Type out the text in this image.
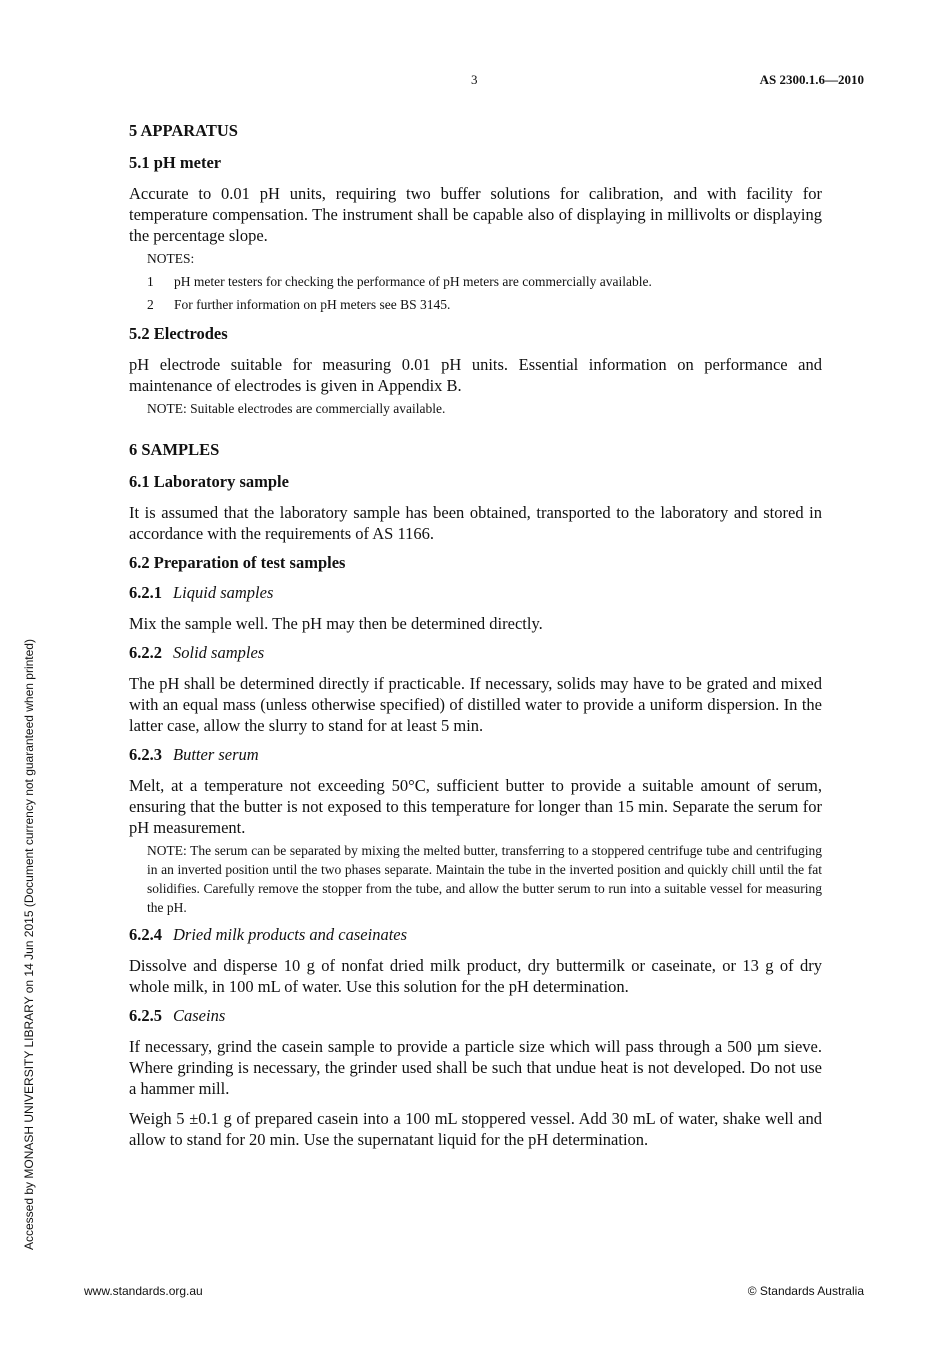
3	AS 2300.1.6—2010
5 APPARATUS
5.1 pH meter
Accurate to 0.01 pH units, requiring two buffer solutions for calibration, and with facility for temperature compensation. The instrument shall be capable also of displaying in millivolts or displaying the percentage slope.
NOTES:
1	pH meter testers for checking the performance of pH meters are commercially available.
2	For further information on pH meters see BS 3145.
5.2 Electrodes
pH electrode suitable for measuring 0.01 pH units. Essential information on performance and maintenance of electrodes is given in Appendix B.
NOTE: Suitable electrodes are commercially available.
6 SAMPLES
6.1 Laboratory sample
It is assumed that the laboratory sample has been obtained, transported to the laboratory and stored in accordance with the requirements of AS 1166.
6.2 Preparation of test samples
6.2.1 Liquid samples
Mix the sample well. The pH may then be determined directly.
6.2.2 Solid samples
The pH shall be determined directly if practicable. If necessary, solids may have to be grated and mixed with an equal mass (unless otherwise specified) of distilled water to provide a uniform dispersion. In the latter case, allow the slurry to stand for at least 5 min.
6.2.3 Butter serum
Melt, at a temperature not exceeding 50°C, sufficient butter to provide a suitable amount of serum, ensuring that the butter is not exposed to this temperature for longer than 15 min. Separate the serum for pH measurement.
NOTE: The serum can be separated by mixing the melted butter, transferring to a stoppered centrifuge tube and centrifuging in an inverted position until the two phases separate. Maintain the tube in the inverted position and quickly chill until the fat solidifies. Carefully remove the stopper from the tube, and allow the butter serum to run into a suitable vessel for measuring the pH.
6.2.4 Dried milk products and caseinates
Dissolve and disperse 10 g of nonfat dried milk product, dry buttermilk or caseinate, or 13 g of dry whole milk, in 100 mL of water. Use this solution for the pH determination.
6.2.5 Caseins
If necessary, grind the casein sample to provide a particle size which will pass through a 500 µm sieve. Where grinding is necessary, the grinder used shall be such that undue heat is not developed. Do not use a hammer mill.
Weigh 5 ±0.1 g of prepared casein into a 100 mL stoppered vessel. Add 30 mL of water, shake well and allow to stand for 20 min. Use the supernatant liquid for the pH determination.
Accessed by MONASH UNIVERSITY LIBRARY on 14 Jun 2015 (Document currency not guaranteed when printed)
www.standards.org.au	© Standards Australia
